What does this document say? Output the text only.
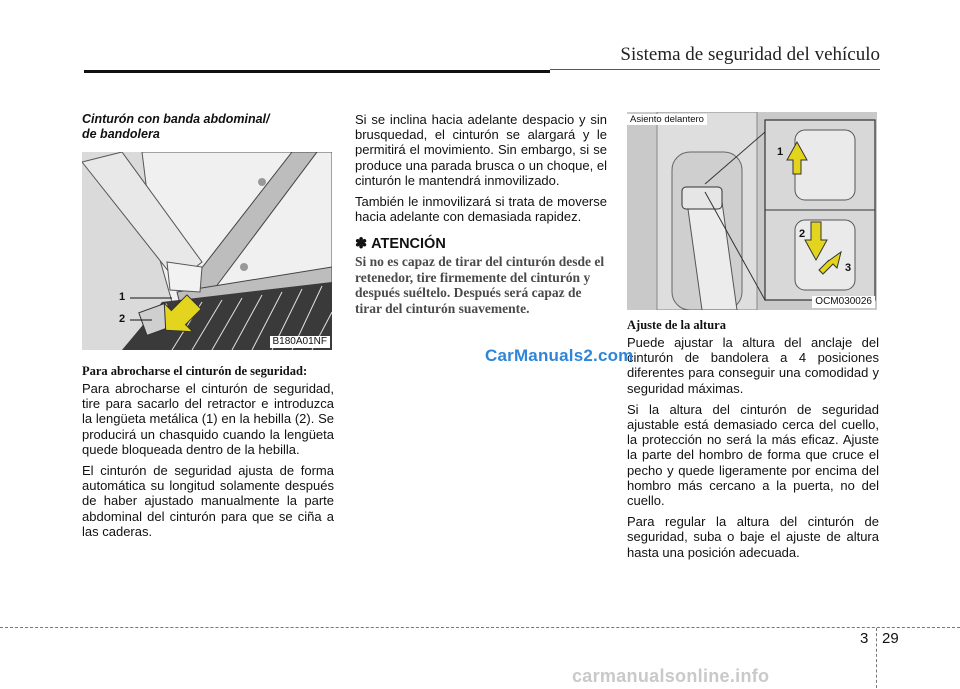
Sistema de seguridad del vehículo
Cinturón con banda abdominal/
de bandolera
1
2
B180A01NF
Para abrocharse el cinturón de seguridad:

Para abrocharse el cinturón de seguridad, tire para sacarlo del retractor e introduzca la lengüeta metálica (1) en la hebilla (2). Se producirá un chasquido cuando la lengüeta quede bloqueada dentro de la hebilla.

El cinturón de seguridad ajusta de forma automática su longitud solamente después de haber ajustado manualmente la parte abdominal del cinturón para que se ciña a las caderas.

Si se inclina hacia adelante despacio y sin brusquedad, el cinturón se alargará y le permitirá el movimiento. Sin embargo, si se produce una parada brusca o un choque, el cinturón le mantendrá inmovilizado.

También le inmovilizará si trata de moverse hacia adelante con demasiada rapidez.

✽ ATENCIÓN

Si no es capaz de tirar del cinturón desde el retenedor, tire firmemente del cinturón y después suéltelo. Después será capaz de tirar del cinturón suavemente.

Asiento delantero
1
2
3
OCM030026
Ajuste de la altura

Puede ajustar la altura del anclaje del cinturón de bandolera a 4 posiciones diferentes para conseguir una comodidad y seguridad máximas.

Si la altura del cinturón de seguridad ajustable está demasiado cerca del cuello, la protección no será la más eficaz. Ajuste la parte del hombro de forma que cruce el pecho y quede ligeramente por encima del hombro más cercano a la puerta, no del cuello.

Para regular la altura del cinturón de seguridad, suba o baje el ajuste de altura hasta una posición adecuada.

CarManuals2.com
3 29
carmanualsonline.info
